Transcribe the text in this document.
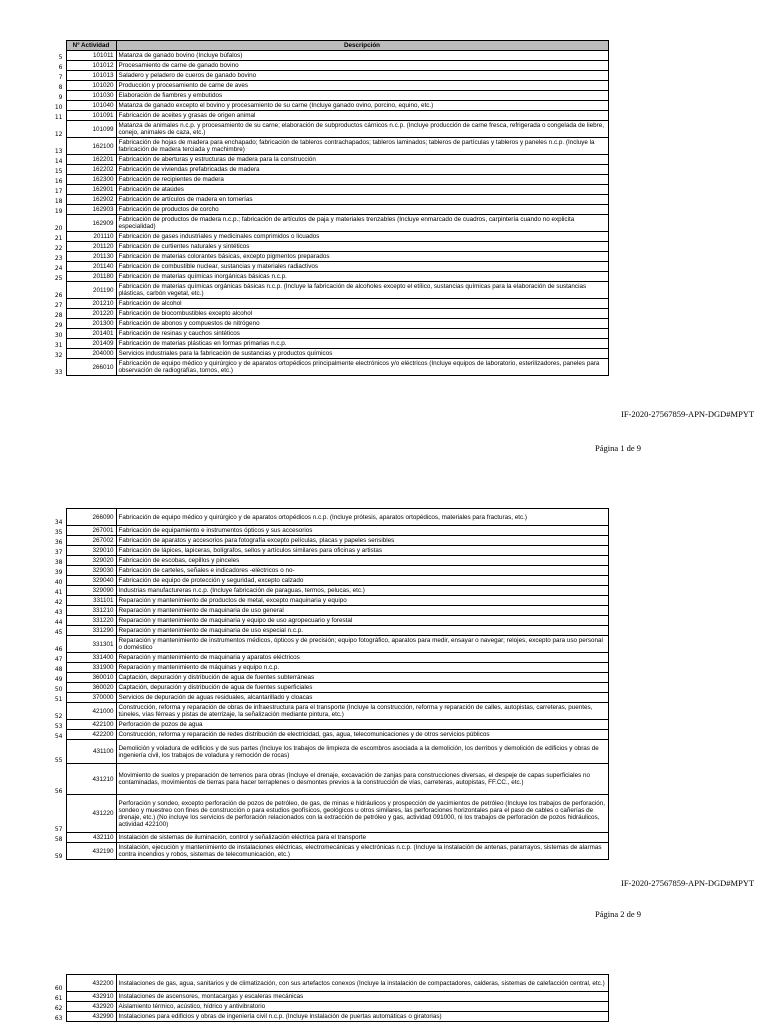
	Nº Actividad	Descripción
5	101011	Matanza de ganado bovino (Incluye búfalos)
6	101012	Procesamiento de carne de ganado bovino
7	101013	Saladero y peladero de cueros de ganado bovino
8	101020	Producción y procesamiento de carne de aves
9	101030	Elaboración de fiambres y embutidos
10	101040	Matanza de ganado excepto el bovino y procesamiento de su carne (Incluye ganado ovino, porcino, equino, etc.)
11	101091	Fabricación de aceites y grasas de origen animal
12	101099	Matanza de animales n.c.p. y procesamiento de su carne; elaboración de subproductos cárnicos n.c.p. (Incluye producción de carne fresca, refrigerada o congelada de liebre, conejo, animales de caza, etc.)
13	162100	Fabricación de hojas de madera para enchapado; fabricación de tableros contrachapados; tableros laminados; tableros de partículas y tableros y paneles n.c.p. (Incluye la fabricación de madera terciada y machimbre)
14	162201	Fabricación de aberturas y estructuras de madera para la construcción
15	162202	Fabricación de viviendas prefabricadas de madera
16	162300	Fabricación de recipientes de madera
17	162901	Fabricación de ataúdes
18	162902	Fabricación de artículos de madera en tornerías
19	162903	Fabricación de productos de corcho
20	162909	Fabricación de productos de madera n.c.p.; fabricación de artículos de paja y materiales trenzables (Incluye enmarcado de cuadros, carpintería cuando no explicita especialidad)
21	201110	Fabricación de gases industriales y medicinales comprimidos o licuados
22	201120	Fabricación de curtientes naturales y sintéticos
23	201130	Fabricación de materias colorantes básicas, excepto pigmentos preparados
24	201140	Fabricación de combustible nuclear, sustancias y materiales radiactivos
25	201180	Fabricación de materias químicas inorgánicas básicas n.c.p.
26	201190	Fabricación de materias químicas orgánicas básicas n.c.p. (Incluye la fabricación de alcoholes excepto el etílico, sustancias químicas para la elaboración de sustancias plásticas, carbón vegetal, etc.)
27	201210	Fabricación de alcohol
28	201220	Fabricación de biocombustibles excepto alcohol
29	201300	Fabricación de abonos y compuestos de nitrógeno
30	201401	Fabricación de resinas y cauchos sintéticos
31	201409	Fabricación de materias plásticas en formas primarias n.c.p.
32	204000	Servicios industriales para la fabricación de sustancias y productos químicos
33	266010	Fabricación de equipo médico y quirúrgico y de aparatos ortopédicos principalmente electrónicos y/o eléctricos (Incluye equipos de laboratorio, esterilizadores, paneles para observación de radiografías, tornos, etc.)
IF-2020-27567859-APN-DGD#MPYT
Página 1 de 9
34	266090	Fabricación de equipo médico y quirúrgico y de aparatos ortopédicos n.c.p. (Incluye prótesis, aparatos ortopédicos, materiales para fracturas, etc.)
35	267001	Fabricación de equipamiento e instrumentos ópticos y sus accesorios
36	267002	Fabricación de aparatos y accesorios para fotografía excepto películas, placas y papeles sensibles
37	329010	Fabricación de lápices, lapiceras, bolígrafos, sellos y artículos similares para oficinas y artistas
38	329020	Fabricación de escobas, cepillos y pinceles
39	329030	Fabricación de carteles, señales e indicadores -eléctricos o no-
40	329040	Fabricación de equipo de protección y seguridad, excepto calzado
41	329090	Industrias manufactureras n.c.p. (Incluye fabricación de paraguas, termos, pelucas, etc.)
42	331101	Reparación y mantenimiento de productos de metal, excepto maquinaria y equipo
43	331210	Reparación y mantenimiento de maquinaria de uso general
44	331220	Reparación y mantenimiento de maquinaria y equipo de uso agropecuario y forestal
45	331290	Reparación y mantenimiento de maquinaria de uso especial n.c.p.
46	331301	Reparación y mantenimiento de instrumentos médicos, ópticos y de precisión; equipo fotográfico, aparatos para medir, ensayar o navegar; relojes, excepto para uso personal o doméstico
47	331400	Reparación y mantenimiento de maquinaria y aparatos eléctricos
48	331900	Reparación y mantenimiento de máquinas y equipo n.c.p.
49	360010	Captación, depuración y distribución de agua de fuentes subterráneas
50	360020	Captación, depuración y distribución de agua de fuentes superficiales
51	370000	Servicios de depuración de aguas residuales, alcantarillado y cloacas
52	421000	Construcción, reforma y reparación de obras de infraestructura para el transporte (Incluye la construcción, reforma y reparación de calles, autopistas, carreteras, puentes, túneles, vías férreas y pistas de aterrizaje, la señalización mediante pintura, etc.)
53	422100	Perforación de pozos de agua
54	422200	Construcción, reforma y reparación de redes distribución de electricidad, gas, agua, telecomunicaciones y de otros servicios públicos
55	431100	Demolición y voladura de edificios y de sus partes (Incluye los trabajos de limpieza de escombros asociada a la demolición, los derribos y demolición de edificios y obras de ingeniería civil, los trabajos de voladura y remoción de rocas)
56	431210	Movimiento de suelos y preparación de terrenos para obras (Incluye el drenaje, excavación de zanjas para construcciones diversas, el despeje de capas superficiales no contaminadas, movimientos de tierras para hacer terraplenes o desmontes previos a la construcción de vías, carreteras, autopistas, FF.CC., etc.)
57	431220	Perforación y sondeo, excepto perforación de pozos de petróleo, de gas, de minas e hidráulicos y prospección de yacimientos de petróleo (Incluye los trabajos de perforación, sondeo y muestreo con fines de construcción o para estudios geofísicos, geológicos u otros similares, las perforaciones horizontales para el paso de cables o cañerías de drenaje, etc.) (No incluye los servicios de perforación relacionados con la extracción de petróleo y gas, actividad 091000, ni los trabajos de perforación de pozos hidráulicos, actividad 422100)
58	432110	Instalación de sistemas de iluminación, control y señalización eléctrica para el transporte
59	432190	Instalación, ejecución y mantenimiento de instalaciones eléctricas, electromecánicas y electrónicas n.c.p. (Incluye la instalación de antenas, pararrayos, sistemas de alarmas contra incendios y robos, sistemas de telecomunicación, etc.)
IF-2020-27567859-APN-DGD#MPYT
Página 2 de 9
60	432200	Instalaciones de gas, agua, sanitarios y de climatización, con sus artefactos conexos (Incluye la instalación de compactadores, calderas, sistemas de calefacción central, etc.)
61	432910	Instalaciones de ascensores, montacargas y escaleras mecánicas
62	432920	Aislamiento térmico, acústico, hídrico y antivibratorio
63	432990	Instalaciones para edificios y obras de ingeniería civil n.c.p. (Incluye instalación de puertas automáticas o giratorias)
